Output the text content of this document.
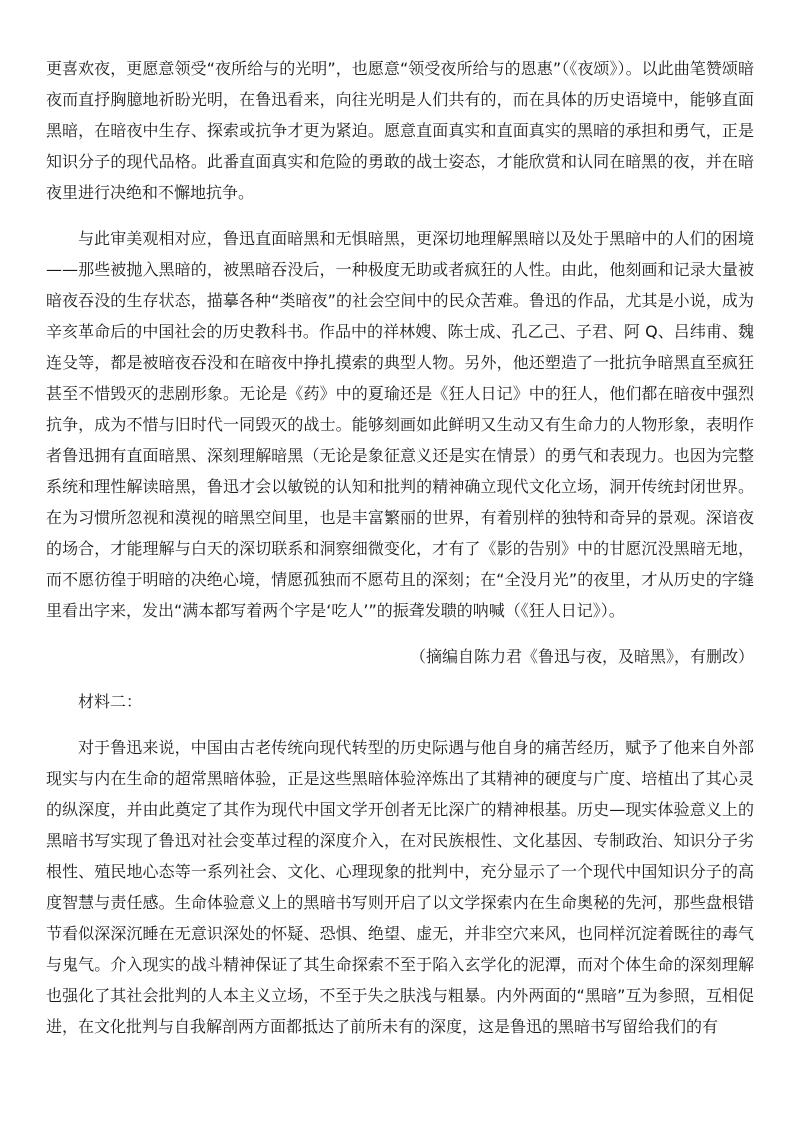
更喜欢夜，更愿意领受“夜所给与的光明”，也愿意“领受夜所给与的恩惠”（《夜颂》）。以此曲笔赞颂暗夜而直抒胸臆地祈盼光明，在鲁迅看来，向往光明是人们共有的，而在具体的历史语境中，能够直面黑暗，在暗夜中生存、探索或抗争才更为紧迫。愿意直面真实和直面真实的黑暗的承担和勇气，正是知识分子的现代品格。此番直面真实和危险的勇敢的战士姿态，才能欣赏和认同在暗黑的夜，并在暗夜里进行决绝和不懈地抗争。

与此审美观相对应，鲁迅直面暗黑和无惧暗黑，更深切地理解黑暗以及处于黑暗中的人们的困境——那些被抛入黑暗的，被黑暗吞没后，一种极度无助或者疯狂的人性。由此，他刻画和记录大量被暗夜吞没的生存状态，描摹各种“类暗夜”的社会空间中的民众苦难。鲁迅的作品，尤其是小说，成为辛亥革命后的中国社会的历史教科书。作品中的祥林嫂、陈士成、孔乙己、子君、阿 Q、吕纬甫、魏连殳等，都是被暗夜吞没和在暗夜中挣扎摸索的典型人物。另外，他还塑造了一批抗争暗黑直至疯狂甚至不惜毁灭的悲剧形象。无论是《药》中的夏瑜还是《狂人日记》中的狂人，他们都在暗夜中强烈抗争，成为不惜与旧时代一同毁灭的战士。能够刻画如此鲜明又生动又有生命力的人物形象，表明作者鲁迅拥有直面暗黑、深刻理解暗黑（无论是象征意义还是实在情景）的勇气和表现力。也因为完整系统和理性解读暗黑，鲁迅才会以敏锐的认知和批判的精神确立现代文化立场，洞开传统封闭世界。在为习惯所忽视和漠视的暗黑空间里，也是丰富繁丽的世界，有着别样的独特和奇异的景观。深谙夜的场合，才能理解与白天的深切联系和洞察细微变化，才有了《影的告别》中的甘愿沉没黑暗无地，而不愿彷徨于明暗的决绝心境，情愿孤独而不愿苟且的深刻；在“全没月光”的夜里，才从历史的字缝里看出字来，发出“满本都写着两个字是‘吃人’”的振聋发聩的呐喊（《狂人日记》）。

（摘编自陈力君《鲁迅与夜，及暗黑》，有删改）

材料二：

对于鲁迅来说，中国由古老传统向现代转型的历史际遇与他自身的痛苦经历，赋予了他来自外部现实与内在生命的超常黑暗体验，正是这些黑暗体验淬炼出了其精神的硬度与广度、培植出了其心灵的纵深度，并由此奠定了其作为现代中国文学开创者无比深广的精神根基。历史—现实体验意义上的黑暗书写实现了鲁迅对社会变革过程的深度介入，在对民族根性、文化基因、专制政治、知识分子劣根性、殖民地心态等一系列社会、文化、心理现象的批判中，充分显示了一个现代中国知识分子的高度智慧与责任感。生命体验意义上的黑暗书写则开启了以文学探索内在生命奥秘的先河，那些盘根错节看似深深沉睡在无意识深处的怀疑、恐惧、绝望、虚无，并非空穴来风，也同样沉淀着既往的毒气与鬼气。介入现实的战斗精神保证了其生命探索不至于陷入玄学化的泥潭，而对个体生命的深刻理解也强化了其社会批判的人本主义立场，不至于失之肤浅与粗暴。内外两面的“黑暗”互为参照，互相促进，在文化批判与自我解剖两方面都抵达了前所未有的深度，这是鲁迅的黑暗书写留给我们的有
